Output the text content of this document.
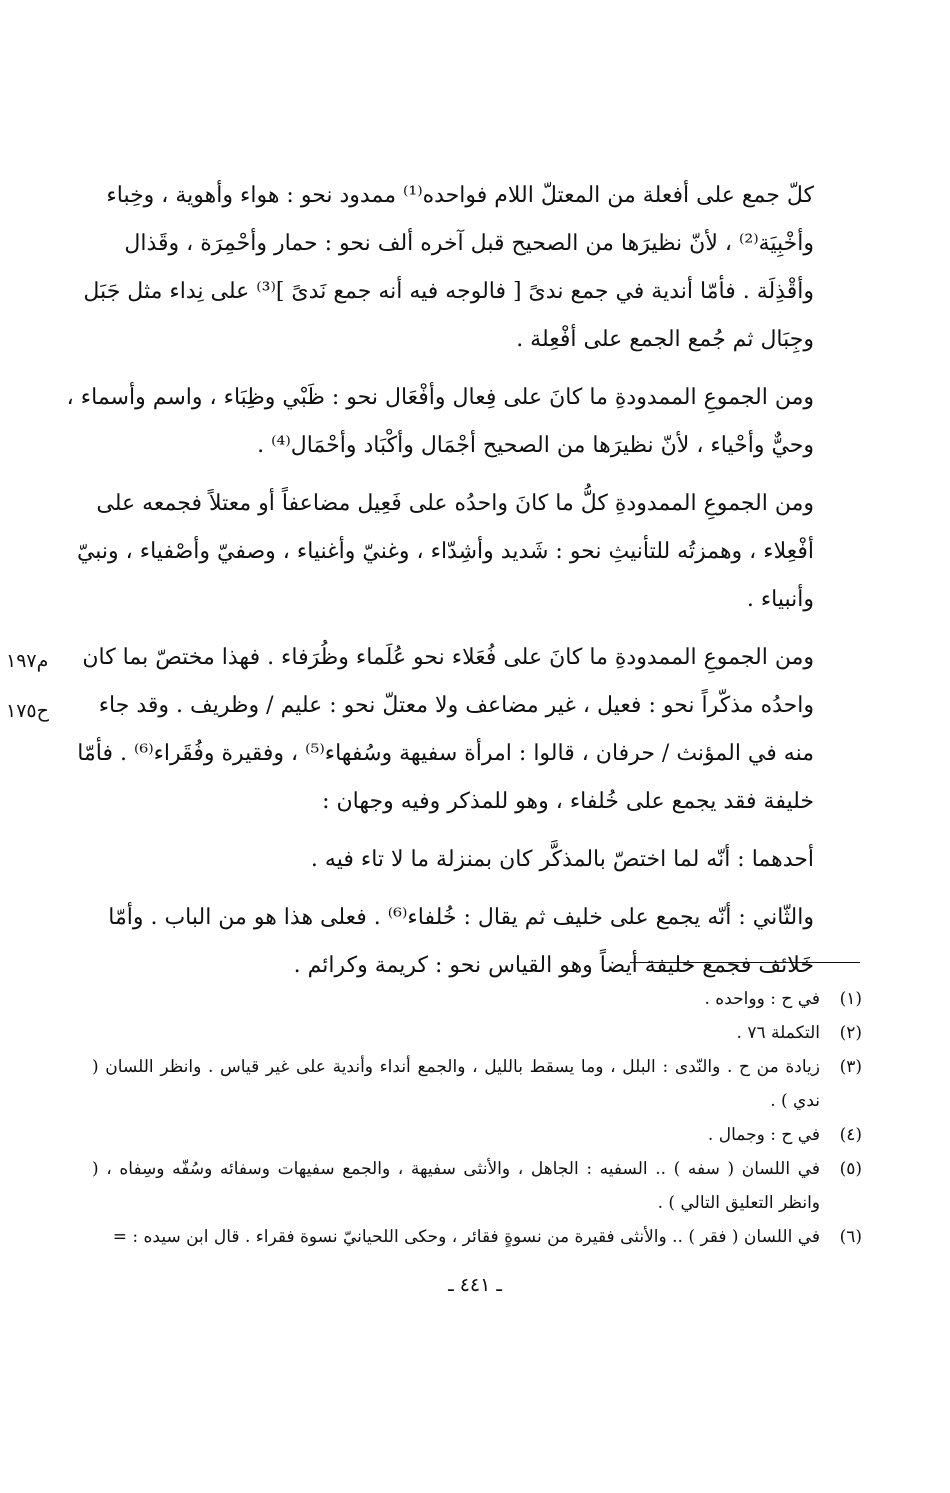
كلّ جمع على أفعلة من المعتلّ اللام فواحده⁽¹⁾ ممدود نحو : هواء وأهوية ، وخِباء
وأخْبِيَة⁽²⁾ ، لأنّ نظيرَها من الصحيح قبل آخره ألف نحو : حمار وأحْمِرَة ، وقَذال
وأقْذِلَة . فأمّا أندية في جمع ندىً [ فالوجه فيه أنه جمع نَدىً ]⁽³⁾ على نِداء مثل جَبَل
وجِبَال ثم جُمع الجمع على أفْعِلة .

ومن الجموعِ الممدودةِ ما كانَ على فِعال وأفْعَال نحو : ظَبْي وظِبَاء ، واسم وأسماء ،
وحيٌّ وأحْياء ، لأنّ نظيرَها من الصحيح أجْمَال وأكْبَاد وأحْمَال⁽⁴⁾ .

ومن الجموعِ الممدودةِ كلُّ ما كانَ واحدُه على فَعِيل مضاعفاً أو معتلاً فجمعه على
أفْعِلاء ، وهمزتُه للتأنيثِ نحو : شَديد وأشِدّاء ، وغنيّ وأغنياء ، وصفيّ وأصْفياء ، ونبيّ
وأنبياء .

ومن الجموعِ الممدودةِ ما كانَ على فُعَلاء نحو عُلَماء وظُرَفاء . فهذا مختصّ بما كان
واحدُه مذكّراً نحو : فعيل ، غير مضاعف ولا معتلّ نحو : عليم / وظريف . وقد جاء
منه في المؤنث / حرفان ، قالوا : امرأة سفيهة وسُفهاء⁽⁵⁾ ، وفقيرة وفُقَراء⁽⁶⁾ . فأمّا
خليفة فقد يجمع على خُلفاء ، وهو للمذكر وفيه وجهان :

أحدهما : أنّه لما اختصّ بالمذكَّر كان بمنزلة ما لا تاء فيه .

والثّاني : أنّه يجمع على خليف ثم يقال : خُلفاء⁽⁶⁾ . فعلى هذا هو من الباب . وأمّا
خَلائف فجمع خليفة أيضاً وهو القياس نحو : كريمة وكرائم .

م١٩٧
ح١٧٥
(١)
في ح : وواحده .
(٢)
التكملة ٧٦ .
(٣)
زيادة من ح . والنّدى : البلل ، وما يسقط بالليل ، والجمع أنداء وأندية على غير قياس . وانظر اللسان ( ندي ) .
(٤)
في ح : وجمال .
(٥)
في اللسان ( سفه ) .. السفيه : الجاهل ، والأنثى سفيهة ، والجمع سفيهات وسفائه وسُفّه وسِفاه ، ( وانظر التعليق التالي ) .
(٦)
في اللسان ( فقر ) .. والأنثى فقيرة من نسوةٍ فقائر ، وحكى اللحيانيّ نسوة فقراء . قال ابن سيده : =
ـ ٤٤١ ـ
